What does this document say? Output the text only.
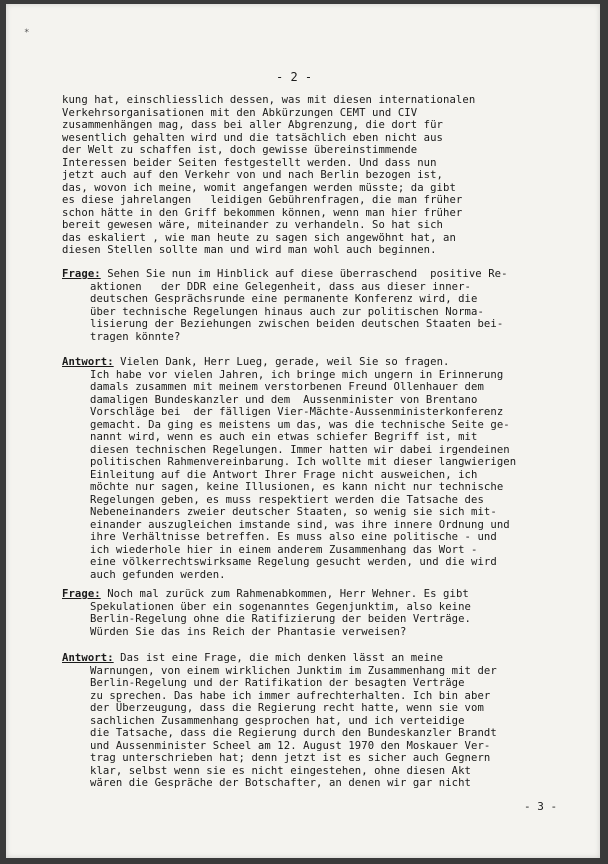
*
- 2 -
kung hat, einschliesslich dessen, was mit diesen internationalen
Verkehrsorganisationen mit den Abkürzungen CEMT und CIV
zusammenhängen mag, dass bei aller Abgrenzung, die dort für
wesentlich gehalten wird und die tatsächlich eben nicht aus
der Welt zu schaffen ist, doch gewisse übereinstimmende
Interessen beider Seiten festgestellt werden. Und dass nun
jetzt auch auf den Verkehr von und nach Berlin bezogen ist,
das, wovon ich meine, womit angefangen werden müsste; da gibt
es diese jahrelangen   leidigen Gebührenfragen, die man früher
schon hätte in den Griff bekommen können, wenn man hier früher
bereit gewesen wäre, miteinander zu verhandeln. So hat sich
das eskaliert , wie man heute zu sagen sich angewöhnt hat, an
diesen Stellen sollte man und wird man wohl auch beginnen.
Frage: Sehen Sie nun im Hinblick auf diese überraschend  positive Re-
aktionen   der DDR eine Gelegenheit, dass aus dieser inner-
deutschen Gesprächsrunde eine permanente Konferenz wird, die
über technische Regelungen hinaus auch zur politischen Norma-
lisierung der Beziehungen zwischen beiden deutschen Staaten bei-
tragen könnte?
Antwort: Vielen Dank, Herr Lueg, gerade, weil Sie so fragen.
Ich habe vor vielen Jahren, ich bringe mich ungern in Erinnerung
damals zusammen mit meinem verstorbenen Freund Ollenhauer dem
damaligen Bundeskanzler und dem  Aussenminister von Brentano
Vorschläge bei  der fälligen Vier-Mächte-Aussenministerkonferenz
gemacht. Da ging es meistens um das, was die technische Seite ge-
nannt wird, wenn es auch ein etwas schiefer Begriff ist, mit
diesen technischen Regelungen. Immer hatten wir dabei irgendeinen
politischen Rahmenvereinbarung. Ich wollte mit dieser langwierigen
Einleitung auf die Antwort Ihrer Frage nicht ausweichen, ich
möchte nur sagen, keine Illusionen, es kann nicht nur technische
Regelungen geben, es muss respektiert werden die Tatsache des
Nebeneinanders zweier deutscher Staaten, so wenig sie sich mit-
einander auszugleichen imstande sind, was ihre innere Ordnung und
ihre Verhältnisse betreffen. Es muss also eine politische - und
ich wiederhole hier in einem anderem Zusammenhang das Wort -
eine völkerrechtswirksame Regelung gesucht werden, und die wird
auch gefunden werden.
Frage: Noch mal zurück zum Rahmenabkommen, Herr Wehner. Es gibt
Spekulationen über ein sogenanntes Gegenjunktim, also keine
Berlin-Regelung ohne die Ratifizierung der beiden Verträge.
Würden Sie das ins Reich der Phantasie verweisen?
Antwort: Das ist eine Frage, die mich denken lässt an meine
Warnungen, von einem wirklichen Junktim im Zusammenhang mit der
Berlin-Regelung und der Ratifikation der besagten Verträge
zu sprechen. Das habe ich immer aufrechterhalten. Ich bin aber
der Überzeugung, dass die Regierung recht hatte, wenn sie vom
sachlichen Zusammenhang gesprochen hat, und ich verteidige
die Tatsache, dass die Regierung durch den Bundeskanzler Brandt
und Aussenminister Scheel am 12. August 1970 den Moskauer Ver-
trag unterschrieben hat; denn jetzt ist es sicher auch Gegnern
klar, selbst wenn sie es nicht eingestehen, ohne diesen Akt
wären die Gespräche der Botschafter, an denen wir gar nicht
- 3 -
